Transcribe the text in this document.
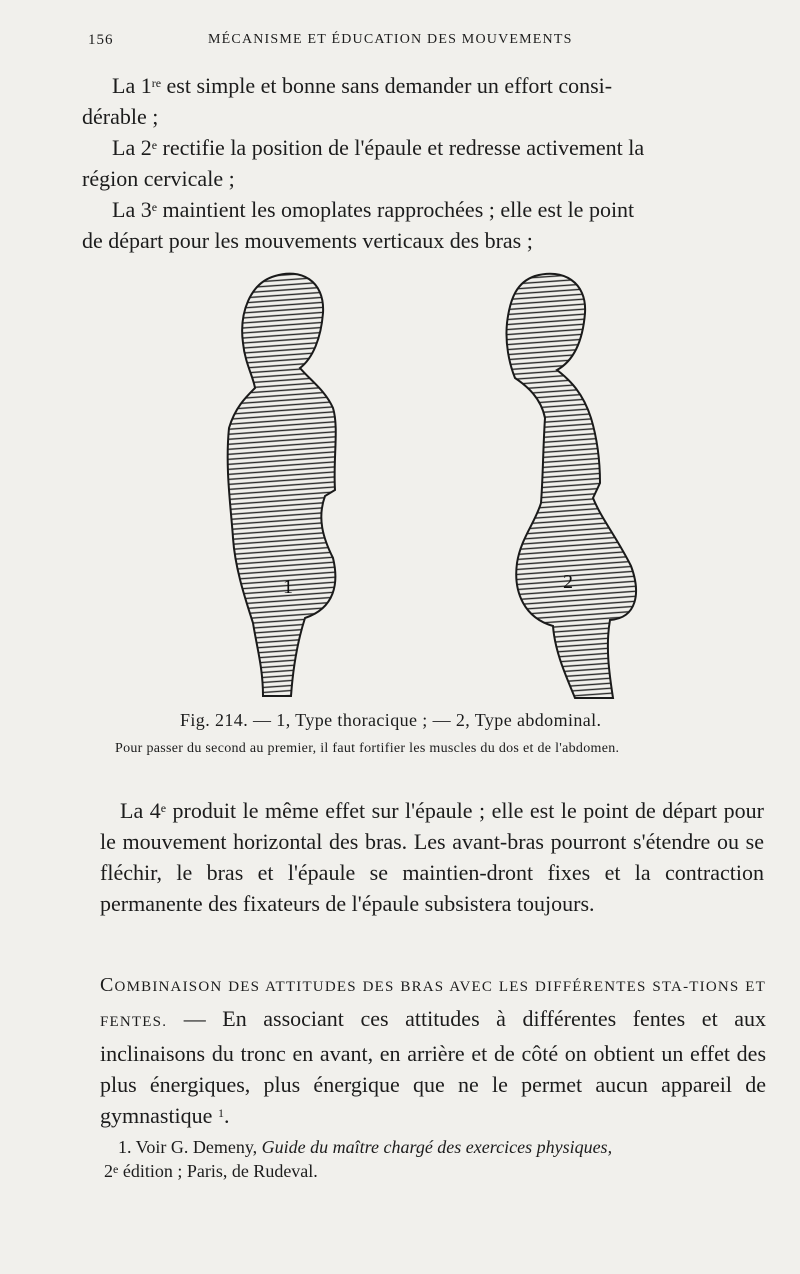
156	MÉCANISME ET ÉDUCATION DES MOUVEMENTS
La 1re est simple et bonne sans demander un effort consi-
dérable ;
La 2e rectifie la position de l'épaule et redresse activement la
région cervicale ;
La 3e maintient les omoplates rapprochées ; elle est le point
de départ pour les mouvements verticaux des bras ;
1	2
Fig. 214. — 1, Type thoracique ; — 2, Type abdominal.
Pour passer du second au premier, il faut fortifier les muscles du dos et de l'abdomen.
La 4e produit le même effet sur l'épaule ; elle est le point de départ pour le mouvement horizontal des bras. Les avant-bras pourront s'étendre ou se fléchir, le bras et l'épaule se maintien-dront fixes et la contraction permanente des fixateurs de l'épaule subsistera toujours.
COMBINAISON DES ATTITUDES DES BRAS AVEC LES DIFFÉRENTES STA-TIONS ET FENTES. — En associant ces attitudes à différentes fentes et aux inclinaisons du tronc en avant, en arrière et de côté on obtient un effet des plus énergiques, plus énergique que ne le permet aucun appareil de gymnastique $^1$.
1. Voir G. Demeny, Guide du maître chargé des exercices physiques,
2e édition ; Paris, de Rudeval.
